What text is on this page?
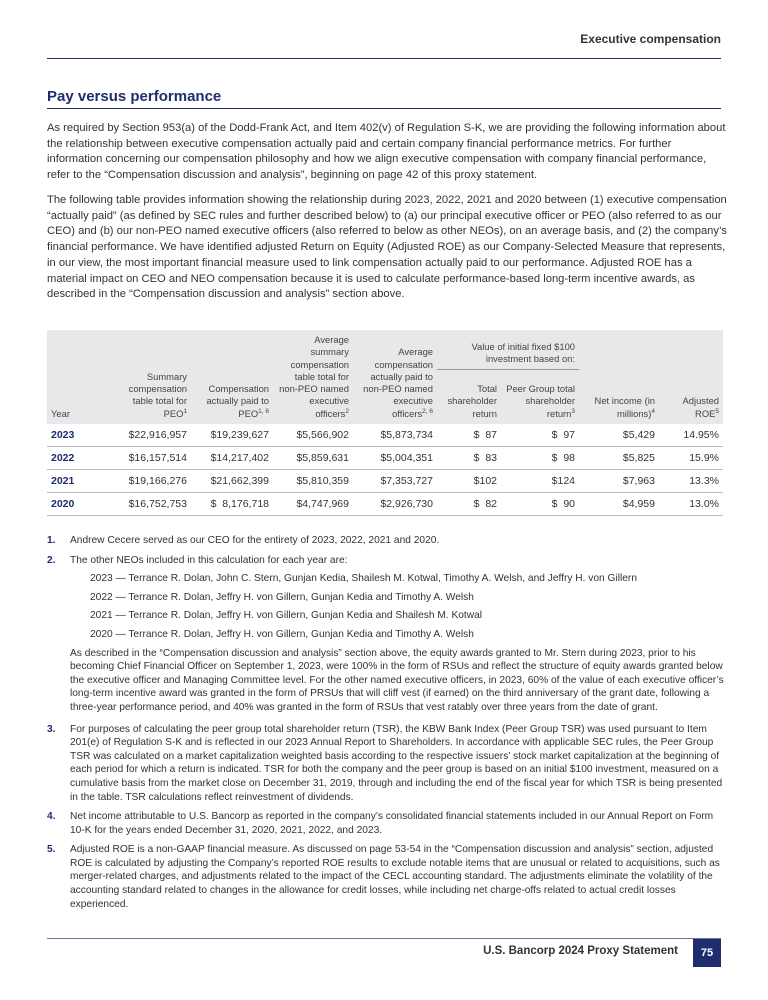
Executive compensation
Pay versus performance

As required by Section 953(a) of the Dodd-Frank Act, and Item 402(v) of Regulation S-K, we are providing the following information about the relationship between executive compensation actually paid and certain company financial performance metrics. For further information concerning our compensation philosophy and how we align executive compensation with company financial performance, refer to the “Compensation discussion and analysis”, beginning on page 42 of this proxy statement.

The following table provides information showing the relationship during 2023, 2022, 2021 and 2020 between (1) executive compensation “actually paid” (as defined by SEC rules and further described below) to (a) our principal executive officer or PEO (also referred to as our CEO) and (b) our non-PEO named executive officers (also referred to below as other NEOs), on an average basis, and (2) the company’s financial performance. We have identified adjusted Return on Equity (Adjusted ROE) as our Company-Selected Measure that represents, in our view, the most important financial measure used to link compensation actually paid to our performance. Adjusted ROE has a material impact on CEO and NEO compensation because it is used to calculate performance-based long-term incentive awards, as described in the “Compensation discussion and analysis” section above.

Year	Summary compensation table total for PEO$^1$	Compensation actually paid to PEO$^{1, 6}$	Average summary compensation table total for non-PEO named executive officers$^2$	Average compensation actually paid to non-PEO named executive officers$^{2, 6}$	Value of initial fixed $100 investment based on:		Net income (in millions)$^4$	Adjusted ROE$^5$
					Total shareholder return	Peer Group total shareholder return$^3$
2023	$22,916,957	$19,239,627	$5,566,902	$5,873,734	$  87	$  97	$5,429	14.95%
2022	$16,157,514	$14,217,402	$5,859,631	$5,004,351	$  83	$  98	$5,825	15.9%
2021	$19,166,276	$21,662,399	$5,810,359	$7,353,727	$102	$124	$7,963	13.3%
2020	$16,752,753	$  8,176,718	$4,747,969	$2,926,730	$  82	$  90	$4,959	13.0%
1. Andrew Cecere served as our CEO for the entirety of 2023, 2022, 2021 and 2020.
2. The other NEOs included in this calculation for each year are:
2023 — Terrance R. Dolan, John C. Stern, Gunjan Kedia, Shailesh M. Kotwal, Timothy A. Welsh, and Jeffry H. von Gillern
2022 — Terrance R. Dolan, Jeffry H. von Gillern, Gunjan Kedia and Timothy A. Welsh
2021 — Terrance R. Dolan, Jeffry H. von Gillern, Gunjan Kedia and Shailesh M. Kotwal
2020 — Terrance R. Dolan, Jeffry H. von Gillern, Gunjan Kedia and Timothy A. Welsh
As described in the “Compensation discussion and analysis” section above, the equity awards granted to Mr. Stern during 2023, prior to his becoming Chief Financial Officer on September 1, 2023, were 100% in the form of RSUs and reflect the structure of equity awards granted below the executive officer and Managing Committee level. For the other named executive officers, in 2023, 60% of the value of each executive officer’s long-term incentive award was granted in the form of PRSUs that will cliff vest (if earned) on the third anniversary of the grant date, following a three-year performance period, and 40% was granted in the form of RSUs that vest ratably over three years from the date of grant.
3. For purposes of calculating the peer group total shareholder return (TSR), the KBW Bank Index (Peer Group TSR) was used pursuant to Item 201(e) of Regulation S-K and is reflected in our 2023 Annual Report to Shareholders. In accordance with applicable SEC rules, the Peer Group TSR was calculated on a market capitalization weighted basis according to the respective issuers’ stock market capitalization at the beginning of each period for which a return is indicated. TSR for both the company and the peer group is based on an initial $100 investment, measured on a cumulative basis from the market close on December 31, 2019, through and including the end of the fiscal year for which TSR is being presented in the table. TSR calculations reflect reinvestment of dividends.
4. Net income attributable to U.S. Bancorp as reported in the company’s consolidated financial statements included in our Annual Report on Form 10-K for the years ended December 31, 2020, 2021, 2022, and 2023.
5. Adjusted ROE is a non-GAAP financial measure. As discussed on page 53-54 in the “Compensation discussion and analysis” section, adjusted ROE is calculated by adjusting the Company’s reported ROE results to exclude notable items that are unusual or related to acquisitions, such as merger-related charges, and adjustments related to the impact of the CECL accounting standard. The adjustments eliminate the volatility of the accounting standard related to changes in the allowance for credit losses, while including net charge-offs related to actual credit losses experienced.
U.S. Bancorp 2024 Proxy Statement	75
